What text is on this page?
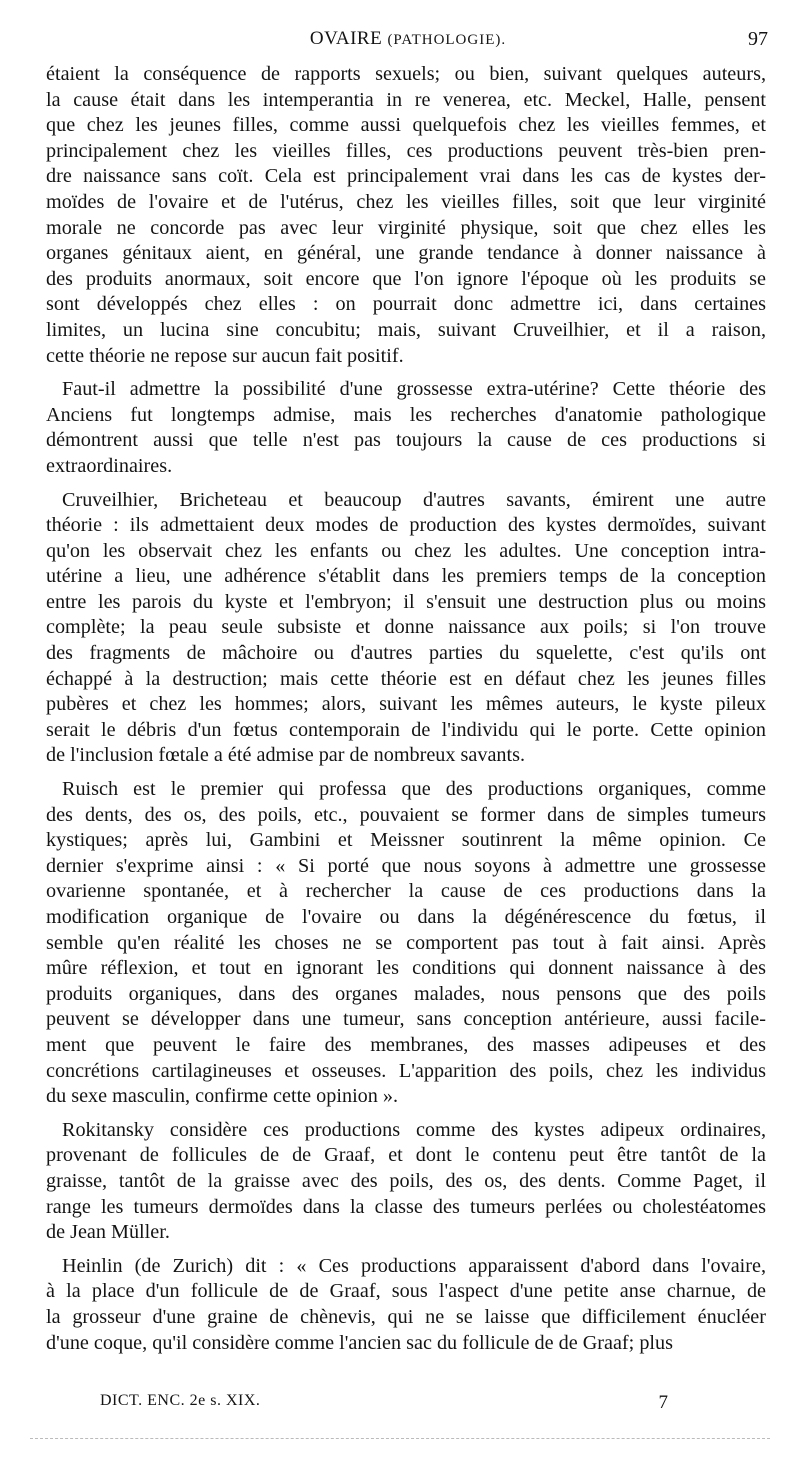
OVAIRE (PATHOLOGIE).	97
étaient la conséquence de rapports sexuels; ou bien, suivant quelques auteurs,
la cause était dans les intemperantia in re venerea, etc. Meckel, Halle, pensent
que chez les jeunes filles, comme aussi quelquefois chez les vieilles femmes, et
principalement chez les vieilles filles, ces productions peuvent très-bien pren-
dre naissance sans coït. Cela est principalement vrai dans les cas de kystes der-
moïdes de l'ovaire et de l'utérus, chez les vieilles filles, soit que leur virginité
morale ne concorde pas avec leur virginité physique, soit que chez elles les
organes génitaux aient, en général, une grande tendance à donner naissance à
des produits anormaux, soit encore que l'on ignore l'époque où les produits se
sont développés chez elles : on pourrait donc admettre ici, dans certaines
limites, un lucina sine concubitu; mais, suivant Cruveilhier, et il a raison,
cette théorie ne repose sur aucun fait positif.
Faut-il admettre la possibilité d'une grossesse extra-utérine? Cette théorie des
Anciens fut longtemps admise, mais les recherches d'anatomie pathologique
démontrent aussi que telle n'est pas toujours la cause de ces productions si
extraordinaires.
Cruveilhier, Bricheteau et beaucoup d'autres savants, émirent une autre
théorie : ils admettaient deux modes de production des kystes dermoïdes, suivant
qu'on les observait chez les enfants ou chez les adultes. Une conception intra-
utérine a lieu, une adhérence s'établit dans les premiers temps de la conception
entre les parois du kyste et l'embryon; il s'ensuit une destruction plus ou moins
complète; la peau seule subsiste et donne naissance aux poils; si l'on trouve
des fragments de mâchoire ou d'autres parties du squelette, c'est qu'ils ont
échappé à la destruction; mais cette théorie est en défaut chez les jeunes filles
pubères et chez les hommes; alors, suivant les mêmes auteurs, le kyste pileux
serait le débris d'un fœtus contemporain de l'individu qui le porte. Cette opinion
de l'inclusion fœtale a été admise par de nombreux savants.
Ruisch est le premier qui professa que des productions organiques, comme
des dents, des os, des poils, etc., pouvaient se former dans de simples tumeurs
kystiques; après lui, Gambini et Meissner soutinrent la même opinion. Ce
dernier s'exprime ainsi : « Si porté que nous soyons à admettre une grossesse
ovarienne spontanée, et à rechercher la cause de ces productions dans la
modification organique de l'ovaire ou dans la dégénérescence du fœtus, il
semble qu'en réalité les choses ne se comportent pas tout à fait ainsi. Après
mûre réflexion, et tout en ignorant les conditions qui donnent naissance à des
produits organiques, dans des organes malades, nous pensons que des poils
peuvent se développer dans une tumeur, sans conception antérieure, aussi facile-
ment que peuvent le faire des membranes, des masses adipeuses et des
concrétions cartilagineuses et osseuses. L'apparition des poils, chez les individus
du sexe masculin, confirme cette opinion ».
Rokitansky considère ces productions comme des kystes adipeux ordinaires,
provenant de follicules de de Graaf, et dont le contenu peut être tantôt de la
graisse, tantôt de la graisse avec des poils, des os, des dents. Comme Paget, il
range les tumeurs dermoïdes dans la classe des tumeurs perlées ou cholestéatomes
de Jean Müller.
Heinlin (de Zurich) dit : « Ces productions apparaissent d'abord dans l'ovaire,
à la place d'un follicule de de Graaf, sous l'aspect d'une petite anse charnue, de
la grosseur d'une graine de chènevis, qui ne se laisse que difficilement énucléer
d'une coque, qu'il considère comme l'ancien sac du follicule de de Graaf; plus
DICT. ENC. 2e s. XIX.	7
